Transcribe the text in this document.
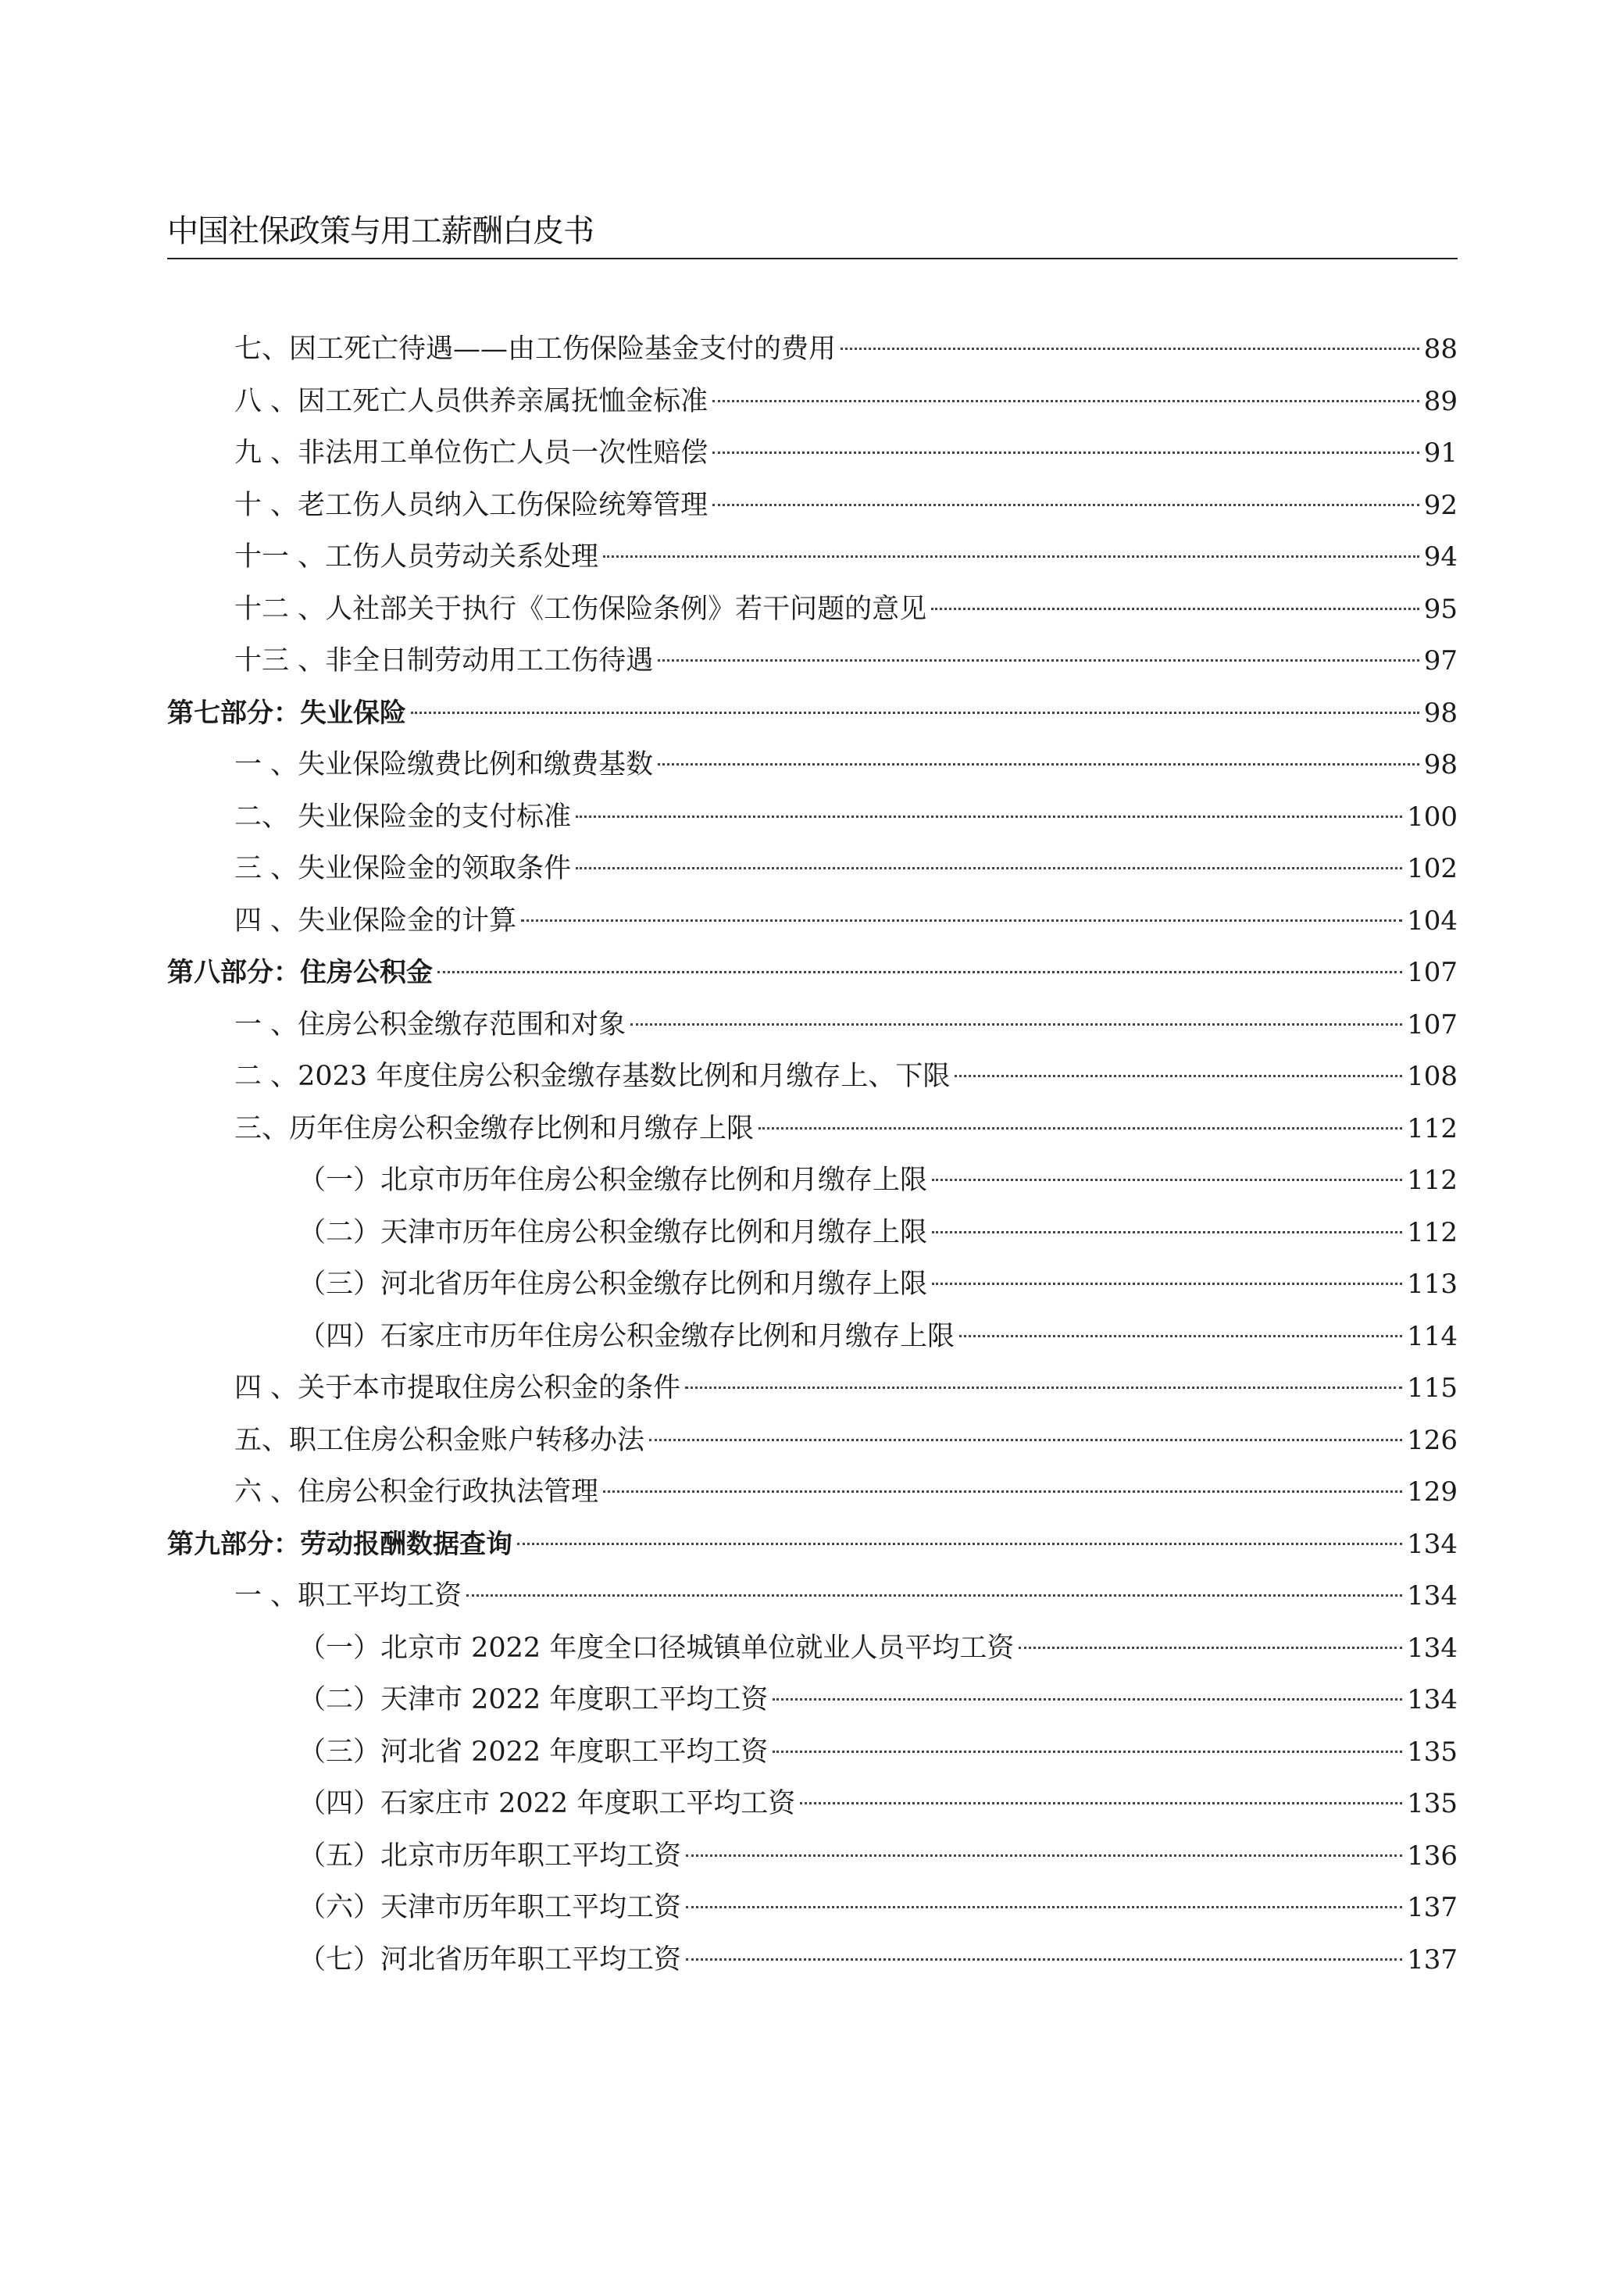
中国社保政策与用工薪酬白皮书
七、因工死亡待遇——由工伤保险基金支付的费用	88
八 、因工死亡人员供养亲属抚恤金标准	89
九 、非法用工单位伤亡人员一次性赔偿	91
十 、老工伤人员纳入工伤保险统筹管理	92
十一 、工伤人员劳动关系处理	94
十二 、人社部关于执行《工伤保险条例》若干问题的意见	95
十三 、非全日制劳动用工工伤待遇	97
第七部分：失业保险	98
一 、失业保险缴费比例和缴费基数	98
二、 失业保险金的支付标准	100
三 、失业保险金的领取条件	102
四 、失业保险金的计算	104
第八部分：住房公积金	107
一 、住房公积金缴存范围和对象	107
二 、2023 年度住房公积金缴存基数比例和月缴存上、下限	108
三、历年住房公积金缴存比例和月缴存上限	112
（一）北京市历年住房公积金缴存比例和月缴存上限	112
（二）天津市历年住房公积金缴存比例和月缴存上限	112
（三）河北省历年住房公积金缴存比例和月缴存上限	113
（四）石家庄市历年住房公积金缴存比例和月缴存上限	114
四 、关于本市提取住房公积金的条件	115
五、职工住房公积金账户转移办法	126
六 、住房公积金行政执法管理	129
第九部分：劳动报酬数据查询	134
一 、职工平均工资	134
（一）北京市 2022 年度全口径城镇单位就业人员平均工资	134
（二）天津市 2022 年度职工平均工资	134
（三）河北省 2022 年度职工平均工资	135
（四）石家庄市 2022 年度职工平均工资	135
（五）北京市历年职工平均工资	136
（六）天津市历年职工平均工资	137
（七）河北省历年职工平均工资	137
